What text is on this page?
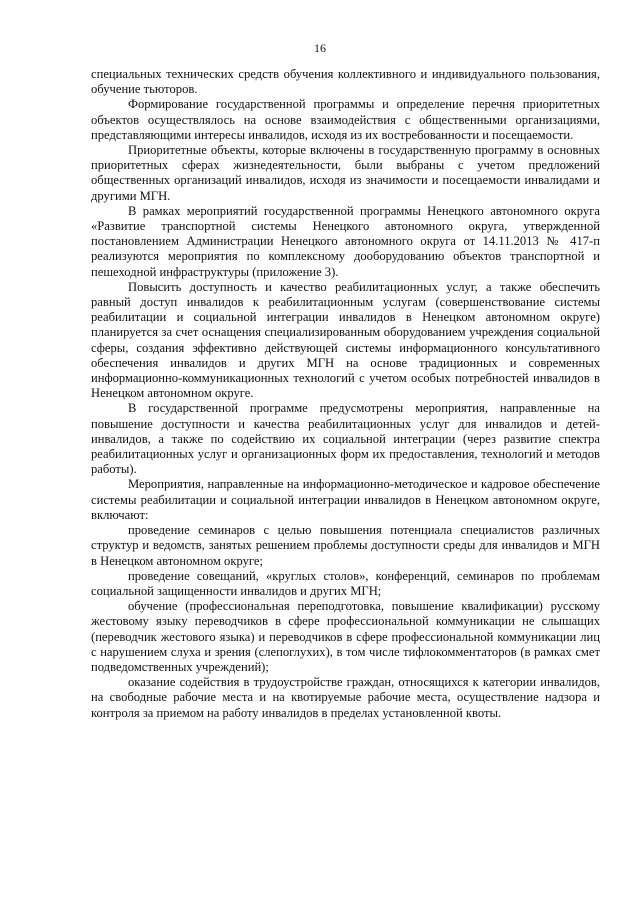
16

специальных технических средств обучения коллективного и индивидуального пользования, обучение тьюторов.

Формирование государственной программы и определение перечня приоритетных объектов осуществлялось на основе взаимодействия с общественными организациями, представляющими интересы инвалидов, исходя из их востребованности и посещаемости.

Приоритетные объекты, которые включены в государственную программу в основных приоритетных сферах жизнедеятельности, были выбраны с учетом предложений общественных организаций инвалидов, исходя из значимости и посещаемости инвалидами и другими МГН.

В рамках мероприятий государственной программы Ненецкого автономного округа «Развитие транспортной системы Ненецкого автономного округа, утвержденной постановлением Администрации Ненецкого автономного округа от 14.11.2013 № 417-п реализуются мероприятия по комплексному дооборудованию объектов транспортной и пешеходной инфраструктуры (приложение 3).

Повысить доступность и качество реабилитационных услуг, а также обеспечить равный доступ инвалидов к реабилитационным услугам (совершенствование системы реабилитации и социальной интеграции инвалидов в Ненецком автономном округе) планируется за счет оснащения специализированным оборудованием учреждения социальной сферы, создания эффективно действующей системы информационного консультативного обеспечения инвалидов и других МГН на основе традиционных и современных информационно-коммуникационных технологий с учетом особых потребностей инвалидов в Ненецком автономном округе.

В государственной программе предусмотрены мероприятия, направленные на повышение доступности и качества реабилитационных услуг для инвалидов и детей-инвалидов, а также по содействию их социальной интеграции (через развитие спектра реабилитационных услуг и организационных форм их предоставления, технологий и методов работы).

Мероприятия, направленные на информационно-методическое и кадровое обеспечение системы реабилитации и социальной интеграции инвалидов в Ненецком автономном округе, включают:

проведение семинаров с целью повышения потенциала специалистов различных структур и ведомств, занятых решением проблемы доступности среды для инвалидов и МГН в Ненецком автономном округе;

проведение совещаний, «круглых столов», конференций, семинаров по проблемам социальной защищенности инвалидов и других МГН;

обучение (профессиональная переподготовка, повышение квалификации) русскому жестовому языку переводчиков в сфере профессиональной коммуникации не слышащих (переводчик жестового языка) и переводчиков в сфере профессиональной коммуникации лиц с нарушением слуха и зрения (слепоглухих), в том числе тифлокомментаторов (в рамках смет подведомственных учреждений);

оказание содействия в трудоустройстве граждан, относящихся к категории инвалидов, на свободные рабочие места и на квотируемые рабочие места, осуществление надзора и контроля за приемом на работу инвалидов в пределах установленной квоты.
